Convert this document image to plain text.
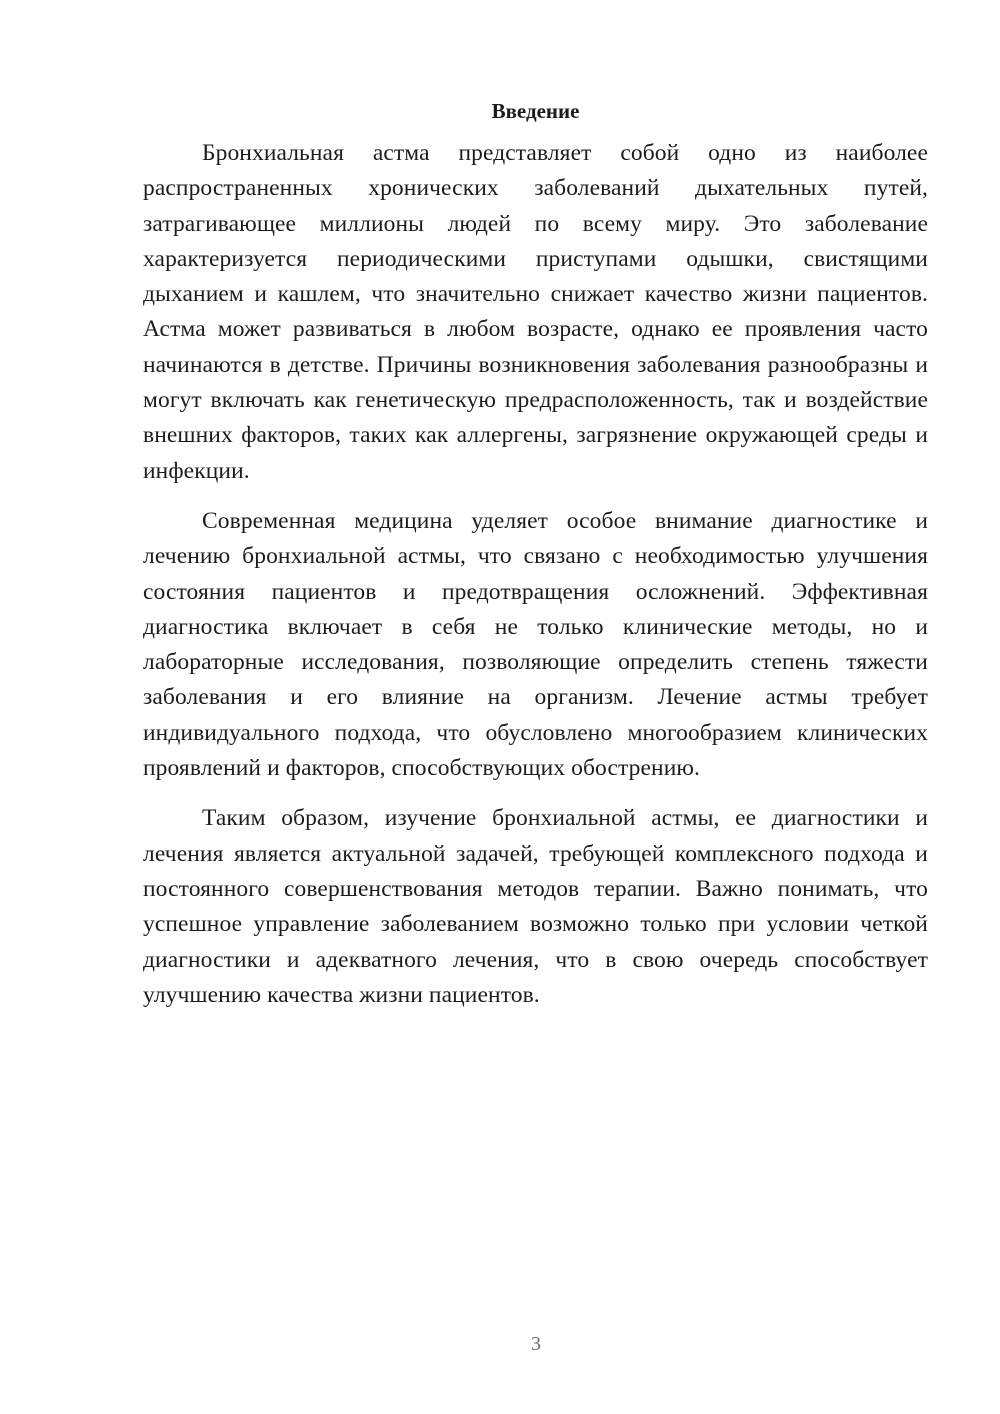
Введение

Бронхиальная астма представляет собой одно из наиболее распространенных хронических заболеваний дыхательных путей, затрагивающее миллионы людей по всему миру. Это заболевание характеризуется периодическими приступами одышки, свистящими дыханием и кашлем, что значительно снижает качество жизни пациентов. Астма может развиваться в любом возрасте, однако ее проявления часто начинаются в детстве. Причины возникновения заболевания разнообразны и могут включать как генетическую предрасположенность, так и воздействие внешних факторов, таких как аллергены, загрязнение окружающей среды и инфекции.

Современная медицина уделяет особое внимание диагностике и лечению бронхиальной астмы, что связано с необходимостью улучшения состояния пациентов и предотвращения осложнений. Эффективная диагностика включает в себя не только клинические методы, но и лабораторные исследования, позволяющие определить степень тяжести заболевания и его влияние на организм. Лечение астмы требует индивидуального подхода, что обусловлено многообразием клинических проявлений и факторов, способствующих обострению.

Таким образом, изучение бронхиальной астмы, ее диагностики и лечения является актуальной задачей, требующей комплексного подхода и постоянного совершенствования методов терапии. Важно понимать, что успешное управление заболеванием возможно только при условии четкой диагностики и адекватного лечения, что в свою очередь способствует улучшению качества жизни пациентов.

3
